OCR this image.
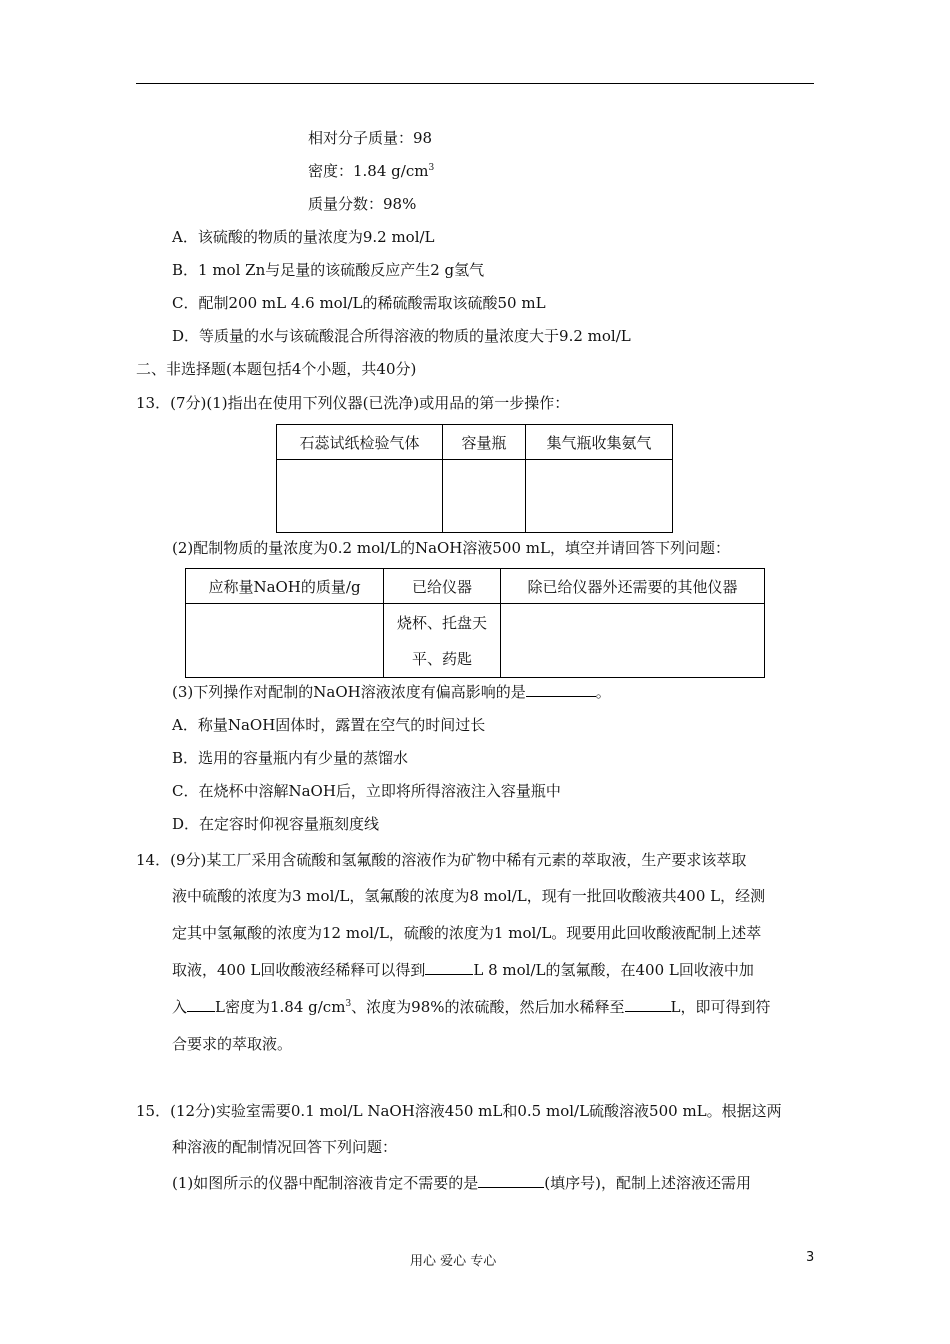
相对分子质量：98
密度：1.84 $g/cm^3$
质量分数：98%
A．该硫酸的物质的量浓度为9.2 mol/L
B．1 mol Zn与足量的该硫酸反应产生2 g氢气
C．配制200 mL 4.6 mol/L的稀硫酸需取该硫酸50 mL
D．等质量的水与该硫酸混合所得溶液的物质的量浓度大于9.2 mol/L
二、非选择题(本题包括4个小题，共40分)
13．(7分)(1)指出在使用下列仪器(已洗净)或用品的第一步操作：
石蕊试纸检验气体	容量瓶	集气瓶收集氨气

(2)配制物质的量浓度为0.2 mol/L的NaOH溶液500 mL，填空并请回答下列问题：
应称量NaOH的质量/g	已给仪器	除已给仪器外还需要的其他仪器

	烧杯、托盘天
平、药匙	

(3)下列操作对配制的NaOH溶液浓度有偏高影响的是	。
A．称量NaOH固体时，露置在空气的时间过长
B．选用的容量瓶内有少量的蒸馏水
C．在烧杯中溶解NaOH后，立即将所得溶液注入容量瓶中
D．在定容时仰视容量瓶刻度线
14．(9分)某工厂采用含硫酸和氢氟酸的溶液作为矿物中稀有元素的萃取液，生产要求该萃取
液中硫酸的浓度为3 mol/L，氢氟酸的浓度为8 mol/L，现有一批回收酸液共400 L，经测
定其中氢氟酸的浓度为12 mol/L，硫酸的浓度为1 mol/L。现要用此回收酸液配制上述萃
取液，400 L回收酸液经稀释可以得到	L 8 mol/L的氢氟酸，在400 L回收液中加
入 L密度为1.84 $g/cm^3$、浓度为98%的浓硫酸，然后加水稀释至	L，即可得到符
合要求的萃取液。
15．(12分)实验室需要0.1 mol/L NaOH溶液450 mL和0.5 mol/L硫酸溶液500 mL。根据这两
种溶液的配制情况回答下列问题：
(1)如图所示的仪器中配制溶液肯定不需要的是	(填序号)，配制上述溶液还需用
用心 爱心 专心	3
